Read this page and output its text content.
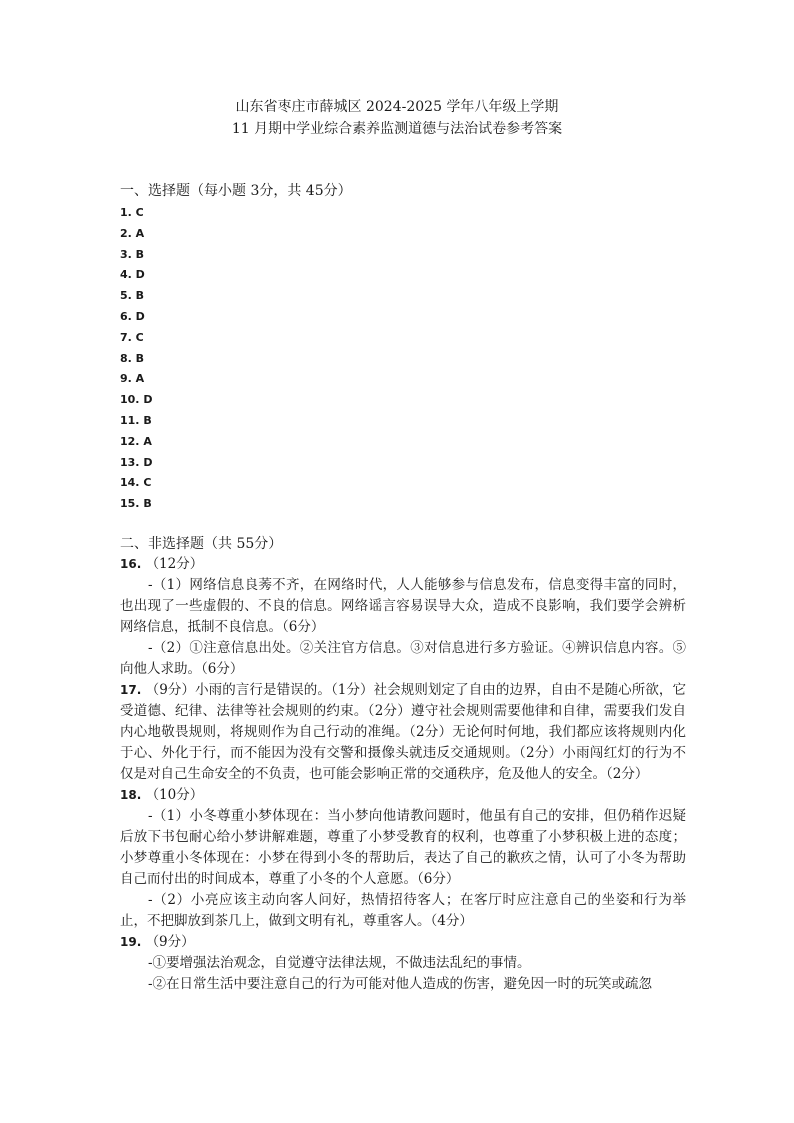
山东省枣庄市薛城区 2024-2025 学年八年级上学期
11 月期中学业综合素养监测道德与法治试卷参考答案
一、选择题（每小题 3分，共 45分）
1. C
2. A
3. B
4. D
5. B
6. D
7. C
8. B
9. A
10. D
11. B
12. A
13. D
14. C
15. B
二、非选择题（共 55分）

16. （12分）

-（1）网络信息良莠不齐，在网络时代，人人能够参与信息发布，信息变得丰富的同时，也出现了一些虚假的、不良的信息。网络谣言容易误导大众，造成不良影响，我们要学会辨析网络信息，抵制不良信息。（6分）

-（2）①注意信息出处。②关注官方信息。③对信息进行多方验证。④辨识信息内容。⑤向他人求助。（6分）

17. （9分）小雨的言行是错误的。（1分）社会规则划定了自由的边界，自由不是随心所欲，它受道德、纪律、法律等社会规则的约束。（2分）遵守社会规则需要他律和自律，需要我们发自内心地敬畏规则，将规则作为自己行动的准绳。（2分）无论何时何地，我们都应该将规则内化于心、外化于行，而不能因为没有交警和摄像头就违反交通规则。（2分）小雨闯红灯的行为不仅是对自己生命安全的不负责，也可能会影响正常的交通秩序，危及他人的安全。（2分）

18. （10分）

-（1）小冬尊重小梦体现在：当小梦向他请教问题时，他虽有自己的安排，但仍稍作迟疑后放下书包耐心给小梦讲解难题，尊重了小梦受教育的权利，也尊重了小梦积极上进的态度；小梦尊重小冬体现在：小梦在得到小冬的帮助后，表达了自己的歉疚之情，认可了小冬为帮助自己而付出的时间成本，尊重了小冬的个人意愿。（6分）

-（2）小亮应该主动向客人问好，热情招待客人；在客厅时应注意自己的坐姿和行为举止，不把脚放到茶几上，做到文明有礼，尊重客人。（4分）

19. （9分）

-①要增强法治观念，自觉遵守法律法规，不做违法乱纪的事情。

-②在日常生活中要注意自己的行为可能对他人造成的伤害，避免因一时的玩笑或疏忽
